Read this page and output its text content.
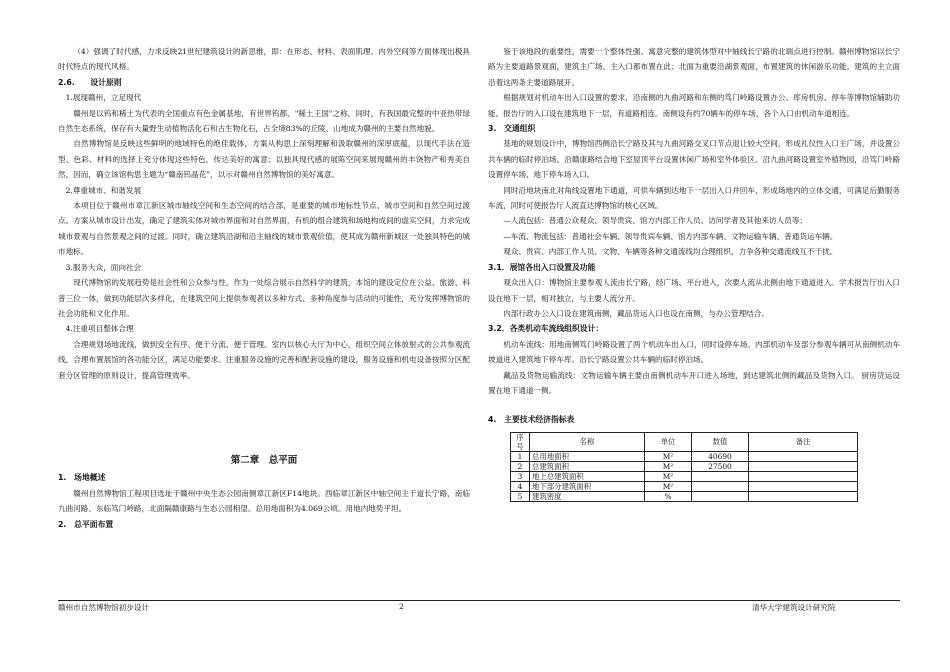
（4）强调了时代感，力求反映21世纪建筑设计的新思维，即：在形态、材料、表面肌理、内外空间等方面体现出极具时代特点的现代风格。

2.6.　　设计原则

1.展现赣州，立足现代

赣州是以钨和稀土为代表的全国重点有色金属基地，有世界钨都、"稀土王国"之称，同时，有我国最完整的中亚热带绿自然生态系统，保存有大量野生动植物活化石和古生物化石，占全境83%的丘陵、山地成为赣州的主要自然地貌。

自然博物馆是反映这些鲜明的地域特色的绝佳载体，方案从构思上深刻理解和汲取赣州的深厚底蕴，以现代手法在造型、色彩、材料的选择上充分体现这些特色，传达美好的寓意；以独具现代感的展陈空间来展现赣州的丰饶物产和秀美自然，因而，确立该馆构思主题为“赣南钨晶花”，以示对赣州自然博物馆的美好寓意。

2.尊重城市、和谐发展

本项目位于赣州市章江新区城市轴线空间和生态空间的结合部，是重要的城市地标性节点、城市空间和自然空间过渡点。方案从城市设计出发，确定了建筑实体对城市界面和对自然界面，有机的组合建筑和场地构成间的虚实空间，力求完成城市景观与自然景观之间的过渡。同时，确立建筑沿湖和沿主轴线的城市景观价值，使其成为赣州新城区一处独具特色的城市地标。

3.服务大众，面向社会

现代博物馆的发展趋势是社会性和公众参与性。作为一处综合展示自然科学的建筑，本馆的建设定位在公益、旅游、科普三位一体，做到功能层次多样化，在建筑空间上提供参观者以多种方式、多种角度参与活动的可能性，充分发挥博物馆的社会功能和文化作用。

4.注重项目整体合理

合理规划场地流线，做到安全有序、便于分流、便于管理。室内以核心大厅为中心，组织空间立体放射式的公共参观流线，合理布置展馆的各功能分区，满足功能要求。注重服务设施的完善和配套设施的建设，服务设施和机电设备按照分区配套分区管理的原则设计，提高管理效率。

第二章　总平面

1.　场地概述

赣州自然博物馆工程项目选址于赣州中央生态公园南侧章江新区F14地块。西临章江新区中轴空间主干道长宁路，南临九曲河路、东临笃门岭路，北面隔赣康路与生态公园相望。总用地面积为4.069公顷。用地内地势平坦。

2.　总平面布置

鉴于该地段的重要性，需要一个整体性强、寓意完整的建筑体型对中轴线长宁路的北端点进行控制。赣州博物馆以长宁路为主要道路景观面，建筑主广场、主入口都布置在此；北面为重要沿湖景观面，布置建筑的休闲游乐功能。建筑的主立面沿着这两条主要道路展开。

根据规划对机动车出入口设置的要求，沿南侧的九曲河路和东侧的笃门岭路设置办公、库房机房、停车等博物馆辅助功能。报告厅的入口设在建筑地下一层，有道路相连。南侧设有约70辆车的停车场，各个入口由机动车道相连。

3.　交通组织

基地的规划设计中，博物馆西侧沿长宁路及其与九曲河路交叉口节点退让较大空间，形成礼仪性入口主广场，并设置公共车辆的临时停泊场。沿赣康路结合地下室屋顶平台设置休闲广场和室外体验区。沿九曲河路设置室外植物园，沿笃门岭路设置停车场、地下停车场入口。

同时沿地块南北对角线设置地下通道，可供车辆到达地下一层出入口并回车，形成场地内的立体交通，可满足后勤服务车流，同时可使报告厅人流直达博物馆的核心区域。

—人流包括：普通公众观众、领导贵宾、馆方内部工作人员、访问学者及其他来访人员等；

—车流、物流包括：普通社会车辆、领导贵宾车辆、馆方内部车辆、文物运输车辆、普通货运车辆。

观众、贵宾、内部工作人员、文物、车辆等各种交通流线均合理组织，力争各种交通流线互不干扰。

3.1．展馆各出入口设置及功能

观众出入口：博物馆主要参观人流由长宁路，经广场、平台进入，次要人流从北侧由地下通道进入。学术报告厅出入口设在地下一层，相对独立，与主要人流分开。

内部行政办公入口设在建筑南侧，藏品货运入口也设在南侧，与办公管理结合。

3.2．各类机动车流线组织设计：

机动车流线：用地南侧笃门岭路设置了两个机动车出入口，同时设停车场。内部机动车及部分参观车辆可从南侧机动车坡道进入建筑地下停车库。沿长宁路设置公共车辆的临时停泊场。

藏品及货物运输流线：文物运输车辆主要由南侧机动车开口进入场地，到达建筑北侧的藏品及货物入口。 厨房货运设置在地下通道一侧。

4.　主要技术经济指标表

序号	名称	单位	数值	备注
1	总用地面积	M²	40690	
2	总建筑面积	M²	27500	
3	地上总建筑面积	M²		
4	地下部分建筑面积	M²		
5	建筑密度	%		
赣州市自然博物馆初步设计	2	清华大学建筑设计研究院
